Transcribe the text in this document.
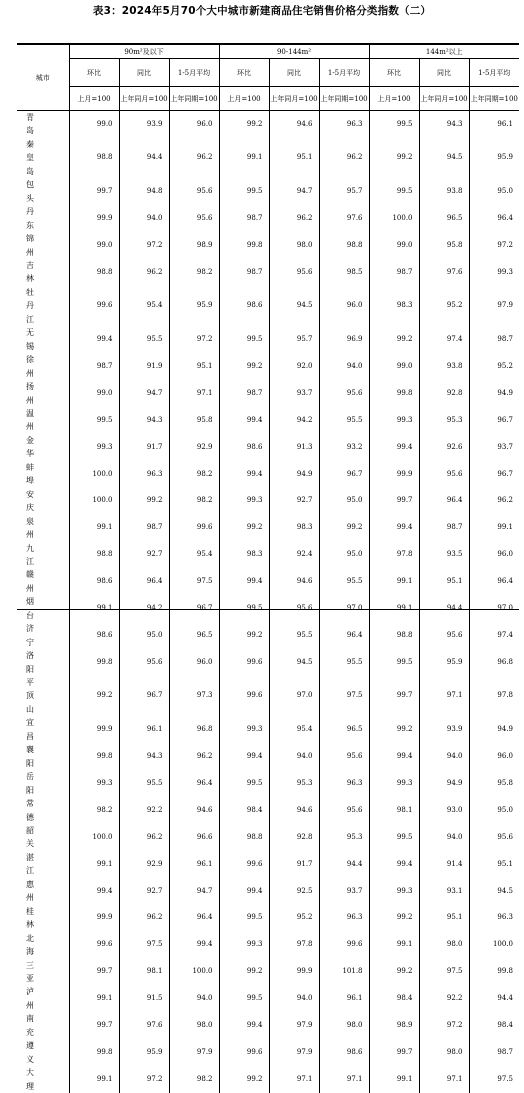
表3：2024年5月70个大中城市新建商品住宅销售价格分类指数（二）
城市	90m²及以下			90-144m²			144m²以上		
	环比	同比	1-5月平均	环比	同比	1-5月平均	环比	同比	1-5月平均
	上月=100	上年同月=100	上年同期=100	上月=100	上年同月=100	上年同期=100	上月=100	上年同月=100	上年同期=100
青岛	99.0	93.9	96.0	99.2	94.6	96.3	99.5	94.3	96.1
秦皇岛	98.8	94.4	96.2	99.1	95.1	96.2	99.2	94.5	95.9
包头	99.7	94.8	95.6	99.5	94.7	95.7	99.5	93.8	95.0
丹东	99.9	94.0	95.6	98.7	96.2	97.6	100.0	96.5	96.4
锦州	99.0	97.2	98.9	99.8	98.0	98.8	99.0	95.8	97.2
吉林	98.8	96.2	98.2	98.7	95.6	98.5	98.7	97.6	99.3
牡丹江	99.6	95.4	95.9	98.6	94.5	96.0	98.3	95.2	97.9
无锡	99.4	95.5	97.2	99.5	95.7	96.9	99.2	97.4	98.7
徐州	98.7	91.9	95.1	99.2	92.0	94.0	99.0	93.8	95.2
扬州	99.0	94.7	97.1	98.7	93.7	95.6	99.8	92.8	94.9
温州	99.5	94.3	95.8	99.4	94.2	95.5	99.3	95.3	96.7
金华	99.3	91.7	92.9	98.6	91.3	93.2	99.4	92.6	93.7
蚌埠	100.0	96.3	98.2	99.4	94.9	96.7	99.9	95.6	96.7
安庆	100.0	99.2	98.2	99.3	92.7	95.0	99.7	96.4	96.2
泉州	99.1	98.7	99.6	99.2	98.3	99.2	99.4	98.7	99.1
九江	98.8	92.7	95.4	98.3	92.4	95.0	97.8	93.5	96.0
赣州	98.6	96.4	97.5	99.4	94.6	95.5	99.1	95.1	96.4
烟台	99.1	94.2	96.7	99.5	95.6	97.0	99.1	94.4	97.0
济宁	98.6	95.0	96.5	99.2	95.5	96.4	98.8	95.6	97.4
洛阳	99.8	95.6	96.0	99.6	94.5	95.5	99.5	95.9	96.8
平顶山	99.2	96.7	97.3	99.6	97.0	97.5	99.7	97.1	97.8
宜昌	99.9	96.1	96.8	99.3	95.4	96.5	99.2	93.9	94.9
襄阳	99.8	94.3	96.2	99.4	94.0	95.6	99.4	94.0	96.0
岳阳	99.3	95.5	96.4	99.5	95.3	96.3	99.3	94.9	95.8
常德	98.2	92.2	94.6	98.4	94.6	95.6	98.1	93.0	95.0
韶关	100.0	96.2	96.6	98.8	92.8	95.3	99.5	94.0	95.6
湛江	99.1	92.9	96.1	99.6	91.7	94.4	99.4	91.4	95.1
惠州	99.4	92.7	94.7	99.4	92.5	93.7	99.3	93.1	94.5
桂林	99.9	96.2	96.4	99.5	95.2	96.3	99.2	95.1	96.3
北海	99.6	97.5	99.4	99.3	97.8	99.6	99.1	98.0	100.0
三亚	99.7	98.1	100.0	99.2	99.9	101.8	99.2	97.5	99.8
泸州	99.1	91.5	94.0	99.5	94.0	96.1	98.4	92.2	94.4
南充	99.7	97.6	98.0	99.4	97.9	98.0	98.9	97.2	98.4
遵义	99.8	95.9	97.9	99.6	97.9	98.6	99.7	98.0	98.7
大理	99.1	97.2	98.2	99.2	97.1	97.1	99.1	97.1	97.5
